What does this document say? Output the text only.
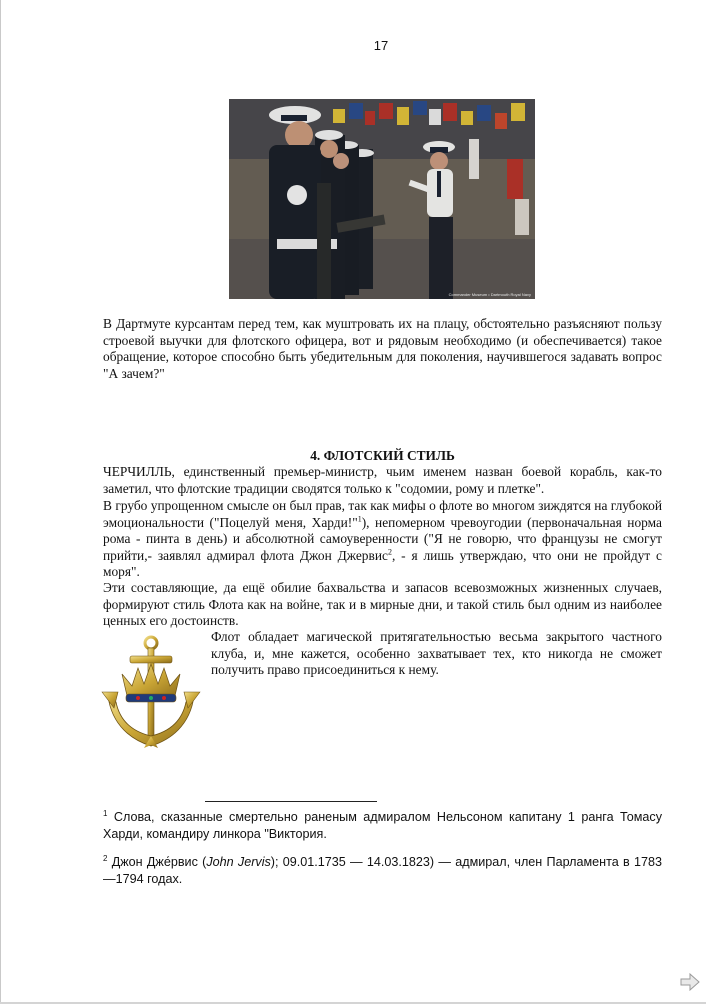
17
Commander Museum • Dartmouth Royal Navy

В Дартмуте курсантам перед тем, как муштровать их на плацу, обстоятельно разъясняют пользу строевой выучки для флотского офицера, вот и рядовым необходимо (и обеспечивается) такое обращение, которое способно быть убедительным для поколения, научившегося задавать вопрос "А зачем?"

4. ФЛОТСКИЙ СТИЛЬ

ЧЕРЧИЛЛЬ, единственный премьер-министр, чьим именем назван боевой корабль, как-то заметил, что флотские традиции сводятся только к "содомии, рому и плетке".

В грубо упрощенном смысле он был прав, так как мифы о флоте во многом зиждятся на глубокой эмоциональности ("Поцелуй меня, Харди!"$^1$), непомерном чревоугодии (первоначальная норма рома - пинта в день) и абсолютной самоуверенности ("Я не говорю, что французы не смогут прийти,- заявлял адмирал флота Джон Джервис$^2$, - я лишь утверждаю, что они не пройдут с моря".

Эти составляющие, да ещё обилие бахвальства и запасов всевозможных жизненных случаев, формируют стиль Флота как на войне, так и в мирные дни, и такой стиль был одним из наиболее ценных его достоинств.

Флот обладает магической притягательностью весьма закрытого частного клуба, и, мне кажется, особенно захватывает тех, кто никогда не сможет получить право присоединиться к нему.

$^1$ Слова, сказанные смертельно раненым адмиралом Нельсоном капитану 1 ранга Томасу Харди, командиру линкора "Виктория.

$^2$ Джон Дже́рвис (John Jervis); 09.01.1735 — 14.03.1823) — адмирал, член Парламента в 1783—1794 годах.
